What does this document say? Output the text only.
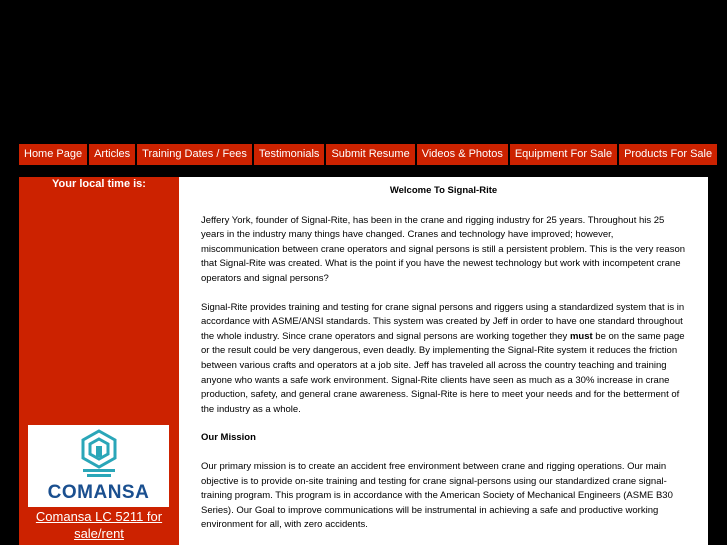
Home Page	Articles	Training Dates / Fees	Testimonials	Submit Resume	Videos & Photos	Equipment For Sale	Products For Sale
Your local time is:
COMANSA
Comansa LC 5211 for sale/rent
Welcome To Signal-Rite

Jeffery York, founder of Signal-Rite, has been in the crane and rigging industry for 25 years. Throughout his 25 years in the industry many things have changed. Cranes and technology have improved; however, miscommunication between crane operators and signal persons is still a persistent problem. This is the very reason that Signal-Rite was created. What is the point if you have the newest technology but work with incompetent crane operators and signal persons?

Signal-Rite provides training and testing for crane signal persons and riggers using a standardized system that is in accordance with ASME/ANSI standards. This system was created by Jeff in order to have one standard throughout the whole industry. Since crane operators and signal persons are working together they must be on the same page or the result could be very dangerous, even deadly. By implementing the Signal-Rite system it reduces the friction between various crafts and operators at a job site. Jeff has traveled all across the country teaching and training anyone who wants a safe work environment. Signal-Rite clients have seen as much as a 30% increase in crane production, safety, and general crane awareness. Signal-Rite is here to meet your needs and for the betterment of the industry as a whole.

Our Mission

Our primary mission is to create an accident free environment between crane and rigging operations. Our main objective is to provide on-site training and testing for crane signal-persons using our standardized crane signal-training program. This program is in accordance with the American Society of Mechanical Engineers (ASME B30 Series). Our Goal to improve communications will be instrumental in achieving a safe and productive working environment for all, with zero accidents.
